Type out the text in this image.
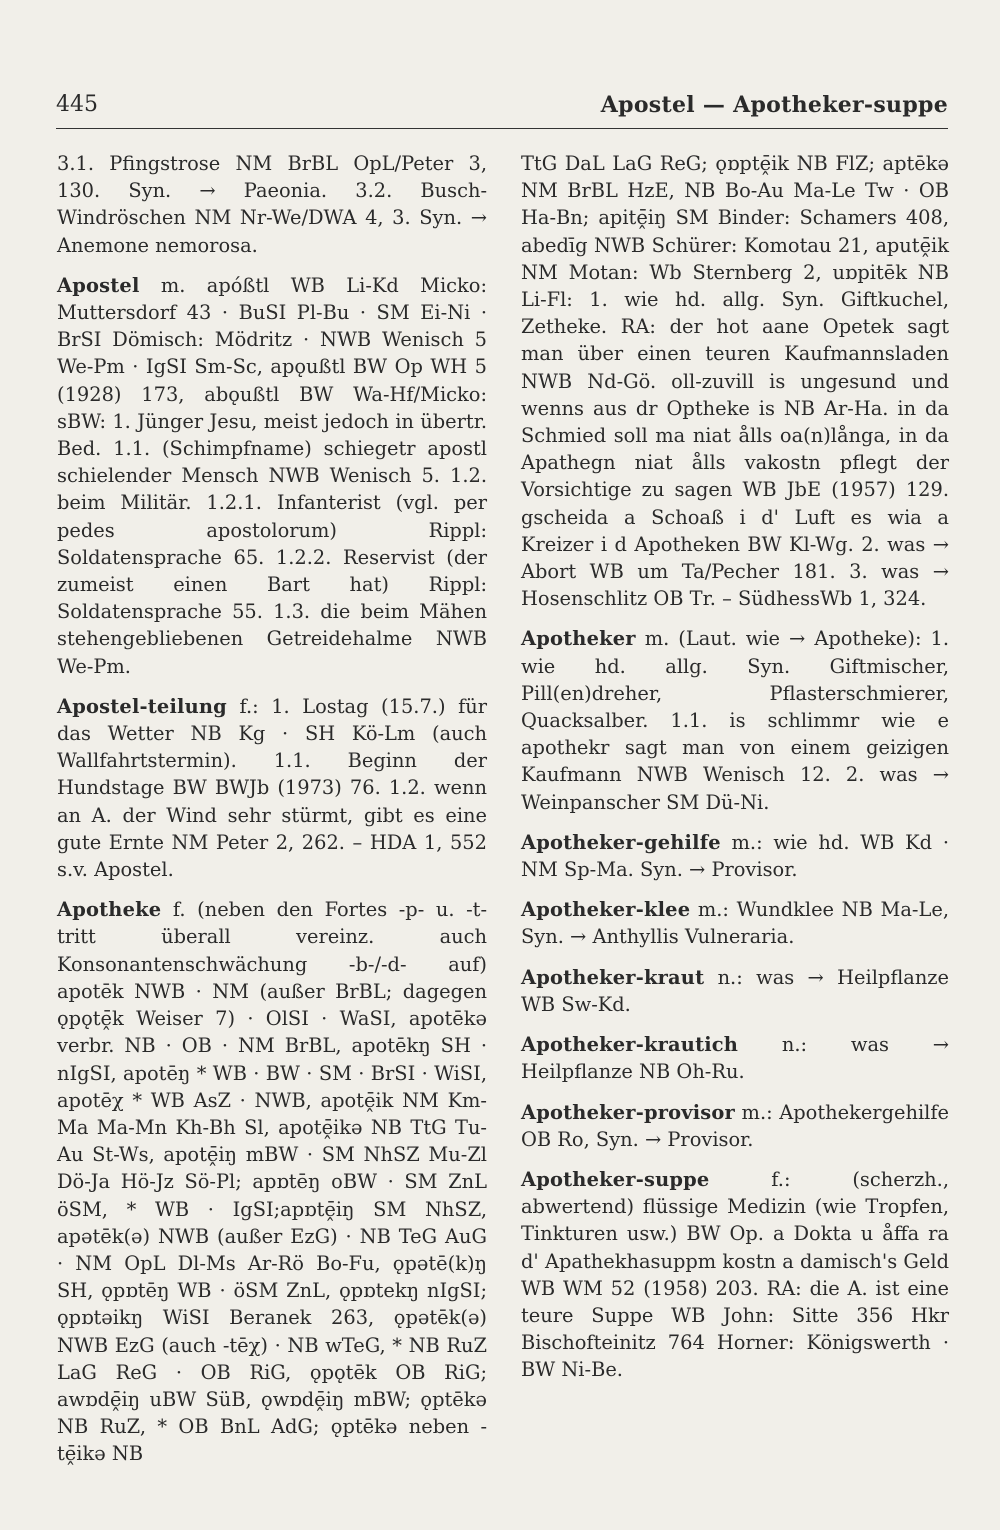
445	Apostel — Apotheker-suppe

3.1. Pfingstrose NM BrBL OpL/Peter 3, 130. Syn. → Paeonia. 3.2. Busch-Windröschen NM Nr-We/DWA 4, 3. Syn. → Anemone nemorosa.

Apostel m. apóßtl WB Li-Kd Micko: Muttersdorf 43 · BuSI Pl-Bu · SM Ei-Ni · BrSI Dömisch: Mödritz · NWB Wenisch 5 We-Pm · IgSI Sm-Sc, apǫußtl BW Op WH 5 (1928) 173, abǫußtl BW Wa-Hf/Micko: sBW: 1. Jünger Jesu, meist jedoch in übertr. Bed. 1.1. (Schimpfname) schiegetr apostl schielender Mensch NWB Wenisch 5. 1.2. beim Militär. 1.2.1. Infanterist (vgl. per pedes apostolorum) Rippl: Soldatensprache 65. 1.2.2. Reservist (der zumeist einen Bart hat) Rippl: Soldatensprache 55. 1.3. die beim Mähen stehengebliebenen Getreidehalme NWB We-Pm.

Apostel-teilung f.: 1. Lostag (15.7.) für das Wetter NB Kg · SH Kö-Lm (auch Wallfahrtstermin). 1.1. Beginn der Hundstage BW BWJb (1973) 76. 1.2. wenn an A. der Wind sehr stürmt, gibt es eine gute Ernte NM Peter 2, 262. – HDA 1, 552 s.v. Apostel.

Apotheke f. (neben den Fortes -p- u. -t- tritt überall vereinz. auch Konsonantenschwächung -b-/-d- auf) apotēk NWB · NM (außer BrBL; dagegen ǫpǫtḙ̄k Weiser 7) · OlSI · WaSI, apotēkə verbr. NB · OB · NM BrBL, apotēkŋ SH · nIgSI, apotēŋ * WB · BW · SM · BrSI · WiSI, apotēχ * WB AsZ · NWB, apotḙ̄ik NM Km-Ma Ma-Mn Kh-Bh Sl, apotḙ̄ikə NB TtG Tu-Au St-Ws, apotḙ̄iŋ mBW · SM NhSZ Mu-Zl Dö-Ja Hö-Jz Sö-Pl; apɒtēŋ oBW · SM ZnL öSM, * WB · IgSI;apɒtḙ̄iŋ SM NhSZ, apətēk(ə) NWB (außer EzG) · NB TeG AuG · NM OpL Dl-Ms Ar-Rö Bo-Fu, ǫpətē(k)ŋ SH, ǫpɒtēŋ WB · öSM ZnL, ǫpɒtekŋ nIgSI; ǫpɒtəikŋ WiSI Beranek 263, ǫpətēk(ə) NWB EzG (auch -tēχ) · NB wTeG, * NB RuZ LaG ReG · OB RiG, ǫpǫtēk OB RiG; awɒdḙ̄iŋ uBW SüB, ǫwɒdḙ̄iŋ mBW; ǫptēkə NB RuZ, * OB BnL AdG; ǫptēkə neben -tḙ̄ikə NB

TtG DaL LaG ReG; ǫɒptḙ̄ik NB FlZ; aptēkə NM BrBL HzE, NB Bo-Au Ma-Le Tw · OB Ha-Bn; apitḙ̄iŋ SM Binder: Schamers 408, abedīg NWB Schürer: Komotau 21, aputḙ̄ik NM Motan: Wb Sternberg 2, uɒpitēk NB Li-Fl: 1. wie hd. allg. Syn. Giftkuchel, Zetheke. RA: der hot aane Opetek sagt man über einen teuren Kaufmannsladen NWB Nd-Gö. oll-zuvill is ungesund und wenns aus dr Optheke is NB Ar-Ha. in da Schmied soll ma niat ålls oa(n)långa, in da Apathegn niat ålls vakostn pflegt der Vorsichtige zu sagen WB JbE (1957) 129. gscheida a Schoaß i d' Luft es wia a Kreizer i d Apotheken BW Kl-Wg. 2. was → Abort WB um Ta/Pecher 181. 3. was → Hosenschlitz OB Tr. – SüdhessWb 1, 324.

Apotheker m. (Laut. wie → Apotheke): 1. wie hd. allg. Syn. Giftmischer, Pill(en)dreher, Pflasterschmierer, Quacksalber. 1.1. is schlimmr wie e apothekr sagt man von einem geizigen Kaufmann NWB Wenisch 12. 2. was → Weinpanscher SM Dü-Ni.

Apotheker-gehilfe m.: wie hd. WB Kd · NM Sp-Ma. Syn. → Provisor.

Apotheker-klee m.: Wundklee NB Ma-Le, Syn. → Anthyllis Vulneraria.

Apotheker-kraut n.: was → Heilpflanze WB Sw-Kd.

Apotheker-krautich n.: was → Heilpflanze NB Oh-Ru.

Apotheker-provisor m.: Apothekergehilfe OB Ro, Syn. → Provisor.

Apotheker-suppe f.: (scherzh., abwertend) flüssige Medizin (wie Tropfen, Tinkturen usw.) BW Op. a Dokta u åffa ra d' Apathekhasuppm kostn a damisch's Geld WB WM 52 (1958) 203. RA: die A. ist eine teure Suppe WB John: Sitte 356 Hkr Bischofteinitz 764 Horner: Königswerth · BW Ni-Be.
